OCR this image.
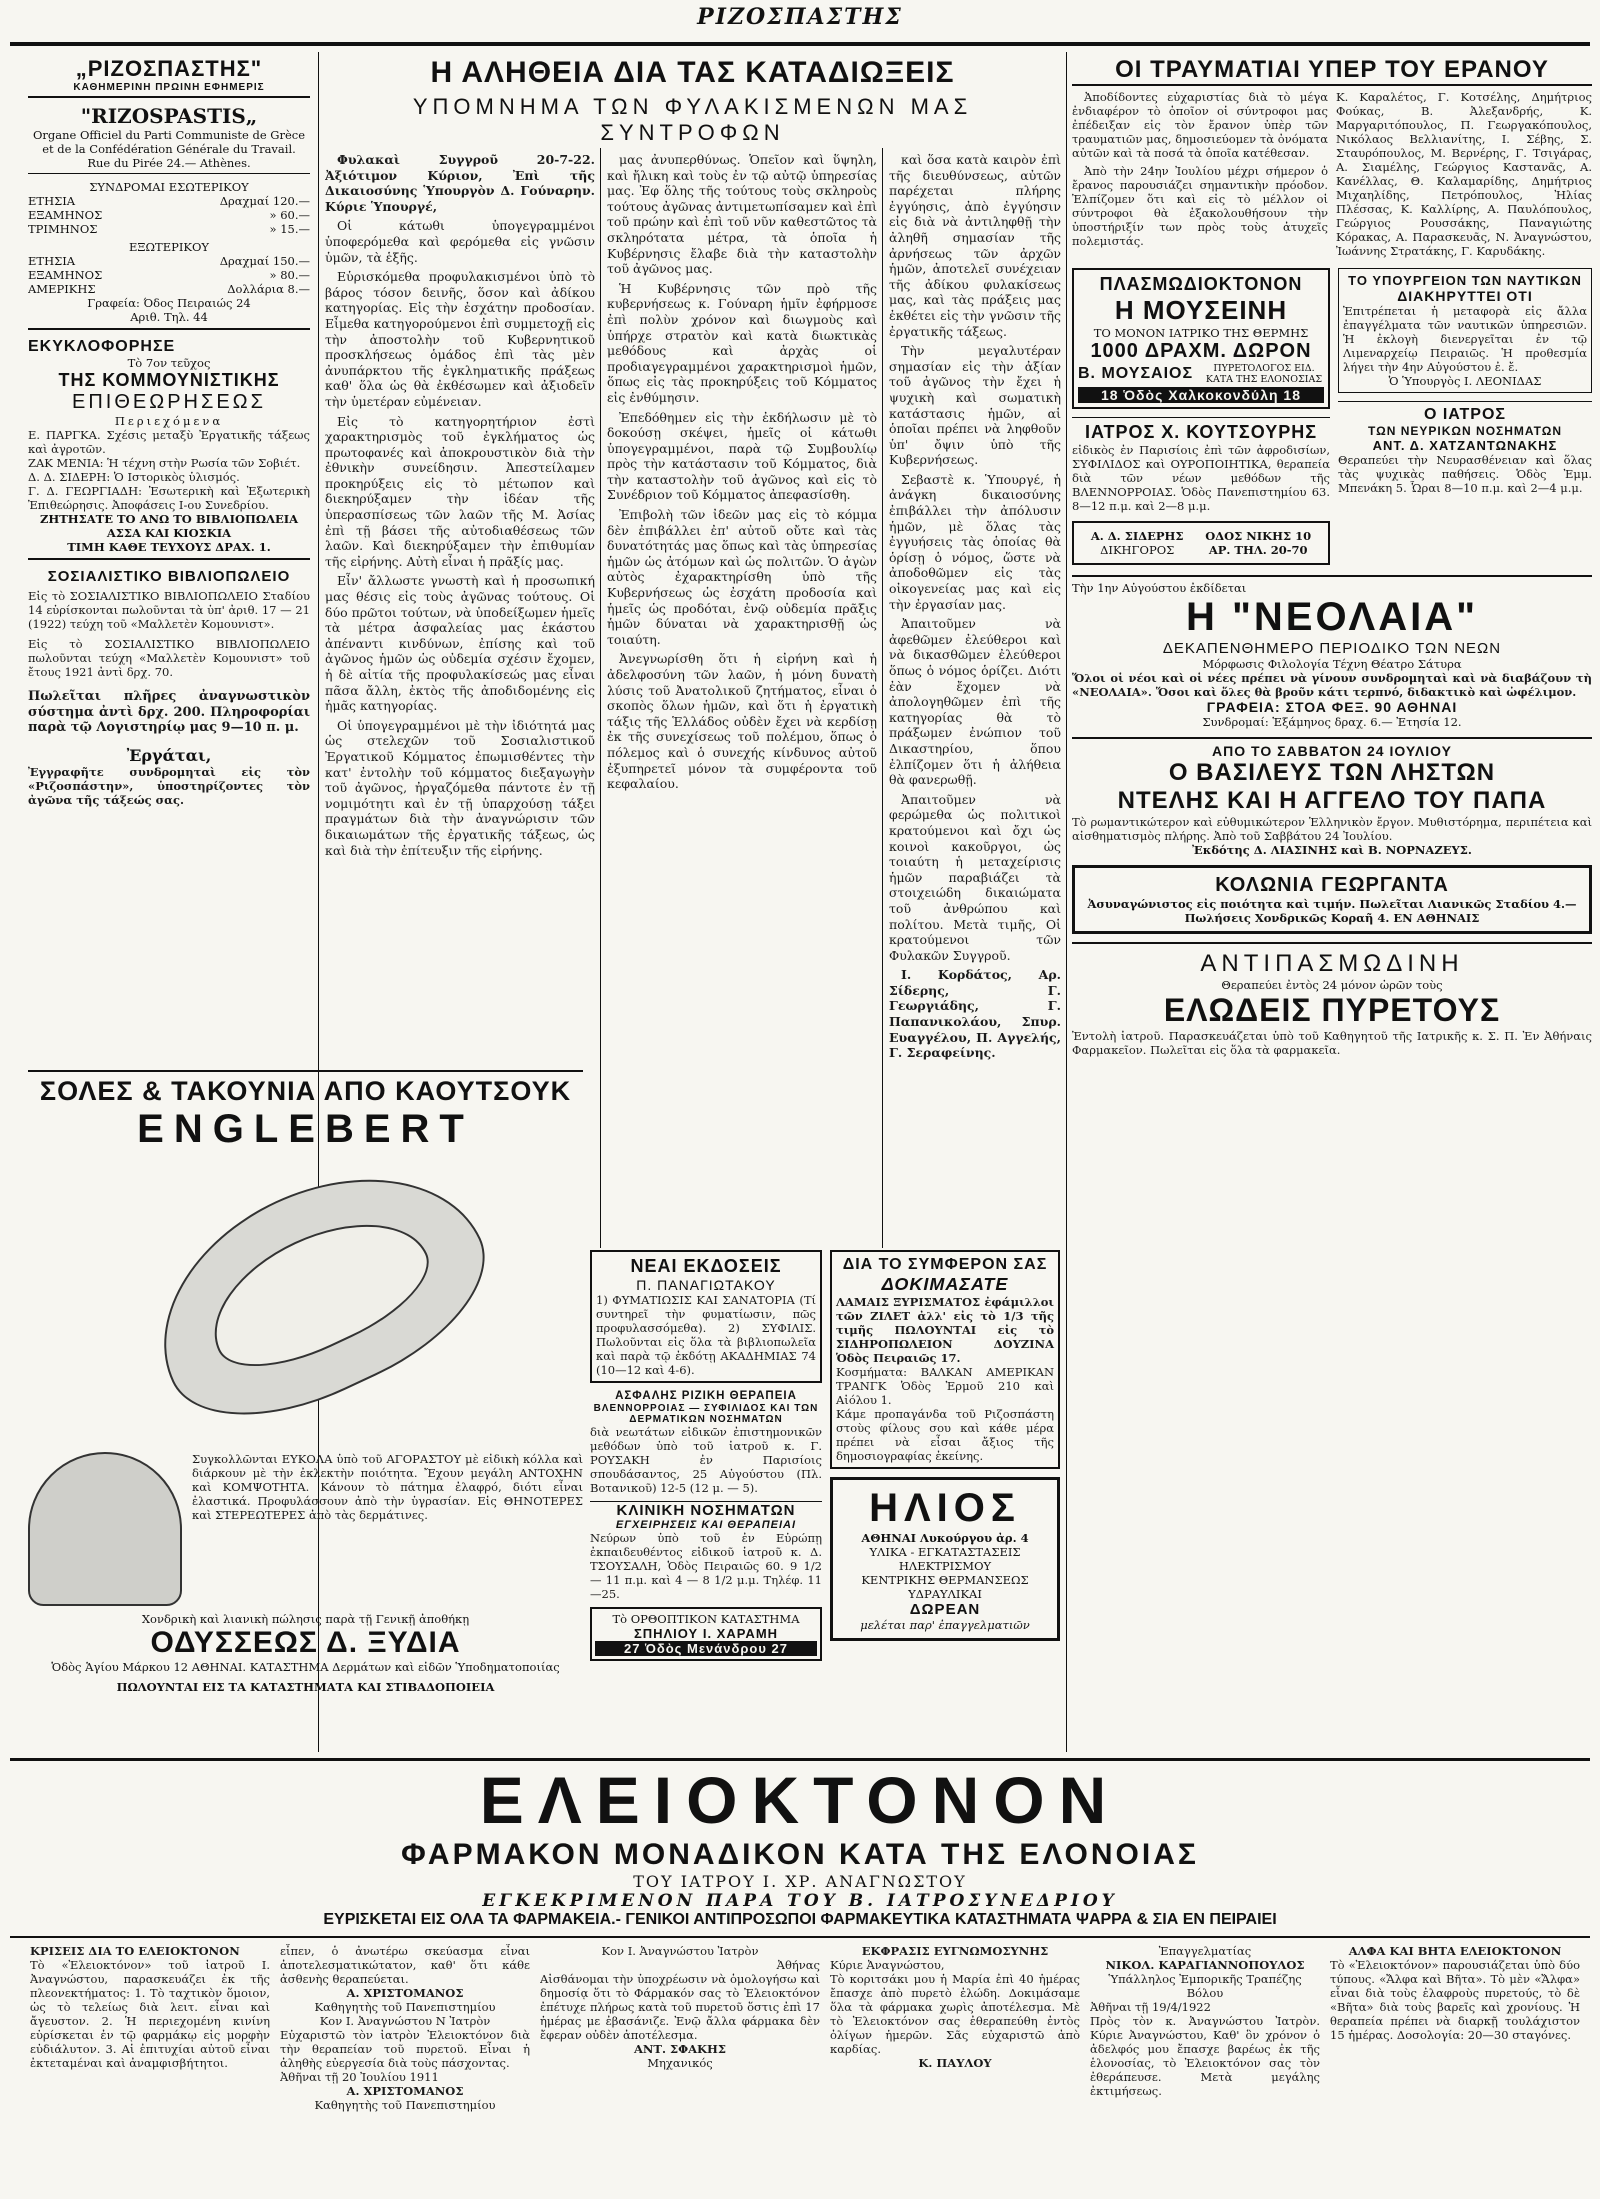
ΡΙΖΟΣΠΑΣΤΗΣ
„ΡΙΖΟΣΠΑΣΤΗΣ"
ΚΑΘΗΜΕΡΙΝΗ ΠΡΩΙΝΗ ΕΦΗΜΕΡΙΣ
"RIZOSPASTIS„
Organe Officiel du Parti Communiste de Grèce et de la Confédération Générale du Travail.
Rue du Pirée 24.— Athènes.
ΣΥΝΔΡΟΜΑΙ ΕΣΩΤΕΡΙΚΟΥ
ΕΤΗΣΙΑ	Δραχμαί 120.—
ΕΞΑΜΗΝΟΣ	» 60.—
ΤΡΙΜΗΝΟΣ	» 15.—
ΕΞΩΤΕΡΙΚΟΥ
ΕΤΗΣΙΑ	Δραχμαί 150.—
ΕΞΑΜΗΝΟΣ	» 80.—
ΑΜΕΡΙΚΗΣ	Δολλάρια 8.—
Γραφεία: Όδος Πειραιώς 24
Αριθ. Τηλ. 44
ΕΚΥΚΛΟΦΟΡΗΣΕ
Τὸ 7ον τεῦχος
ΤΗΣ ΚΟΜΜΟΥΝΙΣΤΙΚΗΣ
ΕΠΙΘΕΩΡΗΣΕΩΣ
Περιεχόμενα
Ε. ΠΑΡΓΚΑ. Σχέσις μεταξὺ Ἐργατικῆς τάξεως καὶ ἀγροτῶν.
ΖΑΚ ΜΕΝΙΑ: Ἡ τέχνη στὴν Ρωσία τῶν Σοβιέτ.
Δ. Δ. ΣΙΔΕΡΗ: Ὁ Ιστορικὸς ὑλισμός.
Γ. Δ. ΓΕΩΡΓΙΑΔΗ: Ἐσωτερικὴ καὶ Ἐξωτερικὴ Ἐπιθεώρησις. Ἀποφάσεις Ι-ου Συνεδρίου.
ΖΗΤΗΣΑΤΕ ΤΟ ΑΝΩ ΤΟ ΒΙΒΛΙΟΠΩΛΕΙΑ ΑΣΣΑ ΚΑΙ ΚΙΟΣΚΙΑ
ΤΙΜΗ ΚΑΘΕ ΤΕΥΧΟΥΣ ΔΡΑΧ. 1.
ΣΟΣΙΑΛΙΣΤΙΚΟ ΒΙΒΛΙΟΠΩΛΕΙΟ
Εἰς τὸ ΣΟΣΙΑΛΙΣΤΙΚΟ ΒΙΒΛΙΟΠΩΛΕΙΟ Σταδίου 14 εὑρίσκονται πωλοῦνται τὰ ὑπ' ἀριθ. 17 — 21 (1922) τεύχη τοῦ «Μαλλετὲν Κομουνιστ».
Εἰς τὸ ΣΟΣΙΑΛΙΣΤΙΚΟ ΒΙΒΛΙΟΠΩΛΕΙΟ πωλοῦνται τεύχη «Μαλλετὲν Κομουνιστ» τοῦ ἔτους 1921 ἀντὶ δρχ. 70.
Πωλεῖται πλῆρες ἀναγνωστικὸν σύστημα ἀντὶ δρχ. 200. Πληροφορίαι παρὰ τῷ Λογιστηρίῳ μας 9—10 π. μ.
Ἐργάται,
Ἐγγραφῆτε συνδρομηταὶ εἰς τὸν «Ριζοσπάστην», ὑποστηρίζοντες τὸν ἀγῶνα τῆς τάξεώς σας.
Η ΑΛΗΘΕΙΑ ΔΙΑ ΤΑΣ ΚΑΤΑΔΙΩΞΕΙΣ
ΥΠΟΜΝΗΜΑ ΤΩΝ ΦΥΛΑΚΙΣΜΕΝΩΝ ΜΑΣ ΣΥΝΤΡΟΦΩΝ

Φυλακαὶ Συγγροῦ 20-7-22. Ἀξιότιμον Κύριον, Ἐπὶ τῆς Δικαιοσύνης Ὑπουργὸν Δ. Γούναρην. Κύριε Ὑπουργέ,

Οἱ κάτωθι ὑπογεγραμμένοι ὑποφερόμεθα καὶ φερόμεθα εἰς γνῶσιν ὑμῶν, τὰ ἑξῆς.

Εὑρισκόμεθα προφυλακισμένοι ὑπὸ τὸ βάρος τόσον δεινῆς, ὅσον καὶ ἀδίκου κατηγορίας. Εἰς τὴν ἐσχάτην προδοσίαν. Εἶμεθα κατηγορούμενοι ἐπὶ συμμετοχῇ εἰς τὴν ἀποστολὴν τοῦ Κυβερνητικοῦ προσκλήσεως ὁμάδος ἐπὶ τὰς μὲν ἀνυπάρκτου τῆς ἐγκληματικῆς πράξεως καθ' ὅλα ὡς θὰ ἐκθέσωμεν καὶ ἀξιοδεῖν τὴν ὑμετέραν εὐμένειαν.

Εἰς τὸ κατηγορητήριον ἐστὶ χαρακτηρισμὸς τοῦ ἐγκλήματος ὡς πρωτοφανές καὶ ἀποκρουστικὸν διὰ τὴν ἐθνικὴν συνείδησιν. Ἀπεστείλαμεν προκηρύξεις εἰς τὸ μέτωπον καὶ διεκηρύξαμεν τὴν ἰδέαν τῆς ὑπερασπίσεως τῶν λαῶν τῆς Μ. Ἀσίας ἐπὶ τῇ βάσει τῆς αὐτοδιαθέσεως τῶν λαῶν. Καὶ διεκηρύξαμεν τὴν ἐπιθυμίαν τῆς εἰρήνης. Αὐτὴ εἶναι ἡ πρᾶξίς μας.

Εἶν' ἄλλωστε γνωστὴ καὶ ἡ προσωπική μας θέσις εἰς τοὺς ἀγῶνας τούτους. Οἱ δύο πρῶτοι τούτων, νὰ ὑποδείξωμεν ἡμεῖς τὰ μέτρα ἀσφαλείας μας ἑκάστου ἀπέναντι κινδύνων, ἐπίσης καὶ τοῦ ἀγῶνος ἡμῶν ὡς οὐδεμία σχέσιν ἔχομεν, ἡ δὲ αἰτία τῆς προφυλακίσεώς μας εἶναι πᾶσα ἄλλη, ἐκτὸς τῆς ἀποδιδομένης εἰς ἡμᾶς κατηγορίας.

Οἱ ὑπογεγραμμένοι μὲ τὴν ἰδιότητά μας ὡς στελεχῶν τοῦ Σοσιαλιστικοῦ Ἐργατικοῦ Κόμματος ἐπωμισθέντες τὴν κατ' ἐντολὴν τοῦ κόμματος διεξαγωγὴν τοῦ ἀγῶνος, ἠργαζόμεθα πάντοτε ἐν τῇ νομιμότητι καὶ ἐν τῇ ὑπαρχούσῃ τάξει πραγμάτων διὰ τὴν ἀναγνώρισιν τῶν δικαιωμάτων τῆς ἐργατικῆς τάξεως, ὡς καὶ διὰ τὴν ἐπίτευξιν τῆς εἰρήνης.

μας ἀνυπερθύνως. Ὁπεῖον καὶ ὕψηλη, καὶ ἤλικη καὶ τοὺς ἐν τῷ αὐτῷ ὑπηρεσίας μας. Ἐφ ὅλης τῆς τούτους τοὺς σκληροὺς τούτους ἀγῶνας ἀντιμετωπίσαμεν καὶ ἐπὶ τοῦ πρώην καὶ ἐπὶ τοῦ νῦν καθεστῶτος τὰ σκληρότατα μέτρα, τὰ ὁποῖα ἡ Κυβέρνησις ἔλαβε διὰ τὴν καταστολὴν τοῦ ἀγῶνος μας.

Ἡ Κυβέρνησις τῶν πρὸ τῆς κυβερνήσεως κ. Γούναρη ἡμῖν ἐφήρμοσε ἐπὶ πολὺν χρόνον καὶ διωγμοὺς καὶ ὑπήρχε στρατὸν καὶ κατὰ διωκτικὰς μεθόδους καὶ ἀρχὰς οἱ προδιαγεγραμμένοι χαρακτηρισμοὶ ἡμῶν, ὅπως εἰς τὰς προκηρύξεις τοῦ Κόμματος εἰς ἐνθύμησιν.

Ἐπεδόθημεν εἰς τὴν ἐκδήλωσιν μὲ τὸ δοκούσῃ σκέψει, ἡμεῖς οἱ κάτωθι ὑπογεγραμμένοι, παρὰ τῷ Συμβουλίῳ πρὸς τὴν κατάστασιν τοῦ Κόμματος, διὰ τὴν καταστολὴν τοῦ ἀγῶνος καὶ εἰς τὸ Συνέδριον τοῦ Κόμματος ἀπεφασίσθη.

Ἐπιβολὴ τῶν ἰδεῶν μας εἰς τὸ κόμμα δὲν ἐπιβάλλει ἐπ' αὐτοῦ οὔτε καὶ τὰς δυνατότητάς μας ὅπως καὶ τὰς ὑπηρεσίας ἡμῶν ὡς ἀτόμων καὶ ὡς πολιτῶν. Ὁ ἀγὼν αὐτὸς ἐχαρακτηρίσθη ὑπὸ τῆς Κυβερνήσεως ὡς ἐσχάτη προδοσία καὶ ἡμεῖς ὡς προδόται, ἐνῷ οὐδεμία πρᾶξις ἡμῶν δύναται νὰ χαρακτηρισθῇ ὡς τοιαύτη.

Ἀνεγνωρίσθη ὅτι ἡ εἰρήνη καὶ ἡ ἀδελφοσύνη τῶν λαῶν, ἡ μόνη δυνατὴ λύσις τοῦ Ἀνατολικοῦ ζητήματος, εἶναι ὁ σκοπὸς ὅλων ἡμῶν, καὶ ὅτι ἡ ἐργατικὴ τάξις τῆς Ἑλλάδος οὐδὲν ἔχει νὰ κερδίσῃ ἐκ τῆς συνεχίσεως τοῦ πολέμου, ὅπως ὁ πόλεμος καὶ ὁ συνεχής κίνδυνος αὐτοῦ ἐξυπηρετεῖ μόνον τὰ συμφέροντα τοῦ κεφαλαίου.

καὶ ὅσα κατὰ καιρὸν ἐπὶ τῆς διευθύνσεως, αὐτῶν παρέχεται πλήρης ἐγγύησις, ἀπὸ ἐγγύησιν εἰς διὰ νὰ ἀντιληφθῇ τὴν ἀληθῆ σημασίαν τῆς ἀρνήσεως τῶν ἀρχῶν ἡμῶν, ἀποτελεῖ συνέχειαν τῆς ἀδίκου φυλακίσεως μας, καὶ τὰς πράξεις μας ἐκθέτει εἰς τὴν γνῶσιν τῆς ἐργατικῆς τάξεως.

Τὴν μεγαλυτέραν σημασίαν εἰς τὴν ἀξίαν τοῦ ἀγῶνος τὴν ἔχει ἡ ψυχικὴ καὶ σωματικὴ κατάστασις ἡμῶν, αἱ ὁποῖαι πρέπει νὰ ληφθοῦν ὑπ' ὄψιν ὑπὸ τῆς Κυβερνήσεως.

Σεβαστὲ κ. Ὑπουργέ, ἡ ἀνάγκη δικαιοσύνης ἐπιβάλλει τὴν ἀπόλυσιν ἡμῶν, μὲ ὅλας τὰς ἐγγυήσεις τὰς ὁποίας θὰ ὁρίσῃ ὁ νόμος, ὥστε νὰ ἀποδοθῶμεν εἰς τὰς οἰκογενείας μας καὶ εἰς τὴν ἐργασίαν μας.

Ἀπαιτοῦμεν νὰ ἀφεθῶμεν ἐλεύθεροι καὶ νὰ δικασθῶμεν ἐλεύθεροι ὅπως ὁ νόμος ὁρίζει. Διότι ἐὰν ἔχομεν νὰ ἀπολογηθῶμεν ἐπὶ τῆς κατηγορίας θὰ τὸ πράξωμεν ἐνώπιον τοῦ Δικαστηρίου, ὅπου ἐλπίζομεν ὅτι ἡ ἀλήθεια θὰ φανερωθῇ.

Ἀπαιτοῦμεν νὰ φερώμεθα ὡς πολιτικοὶ κρατούμενοι καὶ ὄχι ὡς κοινοὶ κακοῦργοι, ὡς τοιαύτη ἡ μεταχείρισις ἡμῶν παραβιάζει τὰ στοιχειώδη δικαιώματα τοῦ ἀνθρώπου καὶ πολίτου. Μετὰ τιμῆς, Οἱ κρατούμενοι τῶν Φυλακῶν Συγγροῦ.

I. Κορδάτος, Αρ. Σίδερης, Γ. Γεωργιάδης, Γ. Παπανικολάου, Σπυρ. Ευαγγέλου, Π. Αγγελής, Γ. Σεραφείνης.

ΟΙ ΤΡΑΥΜΑΤΙΑΙ ΥΠΕΡ ΤΟΥ ΕΡΑΝΟΥ

Ἀποδίδοντες εὐχαριστίας διὰ τὸ μέγα ἐνδιαφέρον τὸ ὁποῖον οἱ σύντροφοι μας ἐπέδειξαν εἰς τὸν ἔρανον ὑπὲρ τῶν τραυματιῶν μας, δημοσιεύομεν τὰ ὀνόματα αὐτῶν καὶ τὰ ποσά τὰ ὁποῖα κατέθεσαν.

Ἀπὸ τὴν 24ην Ἰουλίου μέχρι σήμερον ὁ ἔρανος παρουσιάζει σημαντικὴν πρόοδον. Ἐλπίζομεν ὅτι καὶ εἰς τὸ μέλλον οἱ σύντροφοι θὰ ἐξακολουθήσουν τὴν ὑποστήριξίν των πρὸς τοὺς ἀτυχεῖς πολεμιστάς.

Κ. Καραλέτος, Γ. Κοτσέλης, Δημήτριος Φούκας, Β. Ἀλεξανδρής, Κ. Μαργαριτόπουλος, Π. Γεωργακόπουλος, Νικόλαος Βελλιανίτης, Ι. Σέβης, Σ. Σταυρόπουλος, Μ. Βερνέρης, Γ. Τσιγάρας, Α. Σιαμέλης, Γεώργιος Καστανᾶς, Α. Κανέλλας, Θ. Καλαμαρίδης, Δημήτριος Μιχαηλίδης, Πετρόπουλος, Ἠλίας Πλέσσας, Κ. Καλλίρης, Α. Παυλόπουλος, Γεώργιος Ρουσσάκης, Παναγιώτης Κόρακας, Α. Παρασκευᾶς, Ν. Ἀναγνώστου, Ἰωάννης Στρατάκης, Γ. Καρυδάκης.
ΠΛΑΣΜΩΔΙΟΚΤΟΝΟΝ
Η ΜΟΥΣΕΙΝΗ
ΤΟ ΜΟΝΟΝ ΙΑΤΡΙΚΟ ΤΗΣ ΘΕΡΜΗΣ
1000 ΔΡΑΧΜ. ΔΩΡΟΝ
Β. ΜΟΥΣΑΙΟΣ	ΠΥΡΕΤΟΛΟΓΟΣ ΕΙΔ. ΚΑΤΑ ΤΗΣ ΕΛΟΝΟΣΙΑΣ
18 Ὁδὸς Χαλκοκονδύλη 18
ΙΑΤΡΟΣ Χ. ΚΟΥΤΣΟΥΡΗΣ
εἰδικὸς ἐν Παρισίοις ἐπὶ τῶν ἀφροδισίων, ΣΥΦΙΛΙΔΟΣ καὶ ΟΥΡΟΠΟΙΗΤΙΚΑ, θεραπεία διὰ τῶν νέων μεθόδων τῆς ΒΛΕΝΝΟΡΡΟΙΑΣ. Ὁδὸς Πανεπιστημίου 63. 8—12 π.μ. καὶ 2—8 μ.μ.
Α. Δ. ΣΙΔΕΡΗΣ
ΔΙΚΗΓΟΡΟΣ
ΟΔΟΣ ΝΙΚΗΣ 10
ΑΡ. ΤΗΛ. 20-70
ΤΟ ΥΠΟΥΡΓΕΙΟΝ ΤΩΝ ΝΑΥΤΙΚΩΝ
ΔΙΑΚΗΡΥΤΤΕΙ ΟΤΙ
Ἐπιτρέπεται ἡ μεταφορὰ εἰς ἄλλα ἐπαγγέλματα τῶν ναυτικῶν ὑπηρεσιῶν. Ἡ ἐκλογὴ διενεργεῖται ἐν τῷ Λιμεναρχείῳ Πειραιῶς. Ἡ προθεσμία λήγει τὴν 4ην Αὐγούστου ἐ. ἔ.
Ὁ Ὑπουργὸς Ι. ΛΕΟΝΙΔΑΣ
Ο ΙΑΤΡΟΣ
ΤΩΝ ΝΕΥΡΙΚΩΝ ΝΟΣΗΜΑΤΩΝ
ΑΝΤ. Δ. ΧΑΤΖΑΝΤΩΝΑΚΗΣ
Θεραπεύει τὴν Νευρασθένειαν καὶ ὅλας τὰς ψυχικὰς παθήσεις. Ὁδὸς Ἐμμ. Μπενάκη 5. Ὧραι 8—10 π.μ. καὶ 2—4 μ.μ.
Τὴν 1ην Αὐγούστου ἐκδίδεται
Η "ΝΕΟΛΑΙΑ"
ΔΕΚΑΠΕΝΘΗΜΕΡΟ ΠΕΡΙΟΔΙΚΟ ΤΩΝ ΝΕΩΝ
Μόρφωσις Φιλολογία Τέχνη Θέατρο Σάτυρα
Ὅλοι οἱ νέοι καὶ οἱ νέες πρέπει νὰ γίνουν συνδρομηταὶ καὶ νὰ διαβάζουν τὴ «ΝΕΟΛΑΙΑ». Ὅσοι καὶ ὅλες θὰ βροῦν κάτι τερπνό, διδακτικὸ καὶ ὠφέλιμον.
ΓΡΑΦΕΙΑ: ΣΤΟΑ ΦΕΞ. 90 ΑΘΗΝΑΙ
Συνδρομαί: Ἑξάμηνος δραχ. 6.— Ἐτησία 12.
ΑΠΟ ΤΟ ΣΑΒΒΑΤΟΝ 24 ΙΟΥΛΙΟΥ
Ο ΒΑΣΙΛΕΥΣ ΤΩΝ ΛΗΣΤΩΝ
ΝΤΕΛΗΣ ΚΑΙ Η ΑΓΓΕΛΟ ΤΟΥ ΠΑΠΑ
Τὸ ρωμαντικώτερον καὶ εὐθυμικώτερον Ἑλληνικὸν ἔργον. Μυθιστόρημα, περιπέτεια καὶ αἰσθηματισμὸς πλήρης. Ἀπὸ τοῦ Σαββάτου 24 Ἰουλίου.
Ἐκδότης Δ. ΛΙΑΣΙΝΗΣ καὶ Β. ΝΟΡΝΑΖΕΥΣ.
ΚΟΛΩΝΙΑ ΓΕΩΡΓΑΝΤΑ
Ἀσυναγώνιστος εἰς ποιότητα καὶ τιμήν. Πωλεῖται Λιανικῶς Σταδίου 4.— Πωλήσεις Χονδρικῶς Κοραῆ 4. ΕΝ ΑΘΗΝΑΙΣ
ΑΝΤΙΠΑΣΜΩΔΙΝΗ
Θεραπεύει ἐντὸς 24 μόνον ὡρῶν τοὺς
ΕΛΩΔΕΙΣ ΠΥΡΕΤΟΥΣ
Ἐντολὴ ἰατροῦ. Παρασκευάζεται ὑπὸ τοῦ Καθηγητοῦ τῆς Ιατρικῆς κ. Σ. Π. Ἐν Ἀθήναις Φαρμακεῖον. Πωλεῖται εἰς ὅλα τὰ φαρμακεῖα.
ΣΟΛΕΣ & ΤΑΚΟΥΝΙΑ ΑΠΟ ΚΑΟΥΤΣΟΥΚ
ENGLEBERT
Συγκολλῶνται ΕΥΚΟΛΑ ὑπὸ τοῦ ΑΓΟΡΑΣΤΟΥ μὲ εἰδικὴ κόλλα καὶ διάρκουν μὲ τὴν ἐκλεκτὴν ποιότητα. Ἔχουν μεγάλη ΑΝΤΟΧΗΝ καὶ ΚΟΜΨΟΤΗΤΑ. Κάνουν τὸ πάτημα ἐλαφρό, διότι εἶναι ἐλαστικά. Προφυλάσσουν ἀπὸ τὴν ὑγρασίαν. Εἰς ΘΗΝΟΤΕΡΕΣ καὶ ΣΤΕΡΕΩΤΕΡΕΣ ἀπὸ τὰς δερμάτινες.
Χονδρικὴ καὶ λιανικὴ πώλησις παρὰ τῇ Γενικῇ ἀποθήκῃ
ΟΔΥΣΣΕΩΣ Δ. ΞΥΔΙΑ
Ὁδὸς Ἁγίου Μάρκου 12 ΑΘΗΝΑΙ. ΚΑΤΑΣΤΗΜΑ Δερμάτων καὶ εἰδῶν Ὑποδηματοποιίας
ΠΩΛΟΥΝΤΑΙ ΕΙΣ ΤΑ ΚΑΤΑΣΤΗΜΑΤΑ ΚΑΙ ΣΤΙΒΑΔΟΠΟΙΕΙΑ
ΝΕΑΙ ΕΚΔΟΣΕΙΣ
Π. ΠΑΝΑΓΙΩΤΑΚΟΥ
1) ΦΥΜΑΤΙΩΣΙΣ ΚΑΙ ΣΑΝΑΤΟΡΙΑ (Τί συντηρεῖ τὴν φυματίωσιν, πῶς προφυλασσόμεθα). 2) ΣΥΦΙΛΙΣ. Πωλοῦνται εἰς ὅλα τὰ βιβλιοπωλεῖα καὶ παρὰ τῷ ἐκδότῃ ΑΚΑΔΗΜΙΑΣ 74 (10—12 καὶ 4-6).
ΑΣΦΑΛΗΣ ΡΙΖΙΚΗ ΘΕΡΑΠΕΙΑ
ΒΛΕΝΝΟΡΡΟΙΑΣ — ΣΥΦΙΛΙΔΟΣ ΚΑΙ ΤΩΝ ΔΕΡΜΑΤΙΚΩΝ ΝΟΣΗΜΑΤΩΝ
διὰ νεωτάτων εἰδικῶν ἐπιστημονικῶν μεθόδων ὑπὸ τοῦ ἰατροῦ κ. Γ. ΡΟΥΣΑΚΗ ἐν Παρισίοις σπουδάσαντος, 25 Αὐγούστου (Πλ. Βοτανικοῦ) 12-5 (12 μ. — 5).
ΚΛΙΝΙΚΗ ΝΟΣΗΜΑΤΩΝ
ΕΓΧΕΙΡΗΣΕΙΣ ΚΑΙ ΘΕΡΑΠΕΙΑΙ
Νεύρων ὑπὸ τοῦ ἐν Εὐρώπῃ ἐκπαιδευθέντος εἰδικοῦ ἰατροῦ κ. Δ. ΤΣΟΥΣΑΛΗ, Ὁδὸς Πειραιῶς 60. 9 1/2 — 11 π.μ. καὶ 4 — 8 1/2 μ.μ. Τηλέφ. 11—25.
Τὸ ΟΡΘΟΠΤΙΚΟΝ ΚΑΤΑΣΤΗΜΑ
ΣΠΗΛΙΟΥ Ι. ΧΑΡΑΜΗ
27 Ὁδὸς Μενάνδρου 27
ΔΙΑ ΤΟ ΣΥΜΦΕΡΟΝ ΣΑΣ
ΔΟΚΙΜΑΣΑΤΕ
ΛΑΜΑΙΣ ΞΥΡΙΣΜΑΤΟΣ ἐφάμιλλοι τῶν ΖΙΛΕΤ ἀλλ' εἰς τὸ 1/3 τῆς τιμῆς ΠΩΛΟΥΝΤΑΙ εἰς τὸ ΣΙΔΗΡΟΠΩΛΕΙΟΝ ΔΟΥΖΙΝΑ Ὁδὸς Πειραιῶς 17.
Κοσμήματα: ΒΑΛΚΑΝ ΑΜΕΡΙΚΑΝ ΤΡΑΝΓΚ Ὁδὸς Ἑρμοῦ 210 καὶ Αἰόλου 1.
Κάμε προπαγάνδα τοῦ Ριζοσπάστη στοὺς φίλους σου καὶ κάθε μέρα πρέπει νὰ εἶσαι ἄξιος τῆς δημοσιογραφίας ἐκείνης.
ΗΛΙΟΣ
ΑΘΗΝΑΙ Λυκούργου ἀρ. 4
ΥΛΙΚΑ - ΕΓΚΑΤΑΣΤΑΣΕΙΣ
ΗΛΕΚΤΡΙΣΜΟΥ
ΚΕΝΤΡΙΚΗΣ ΘΕΡΜΑΝΣΕΩΣ
ΥΔΡΑΥΛΙΚΑΙ
ΔΩΡΕΑΝ
μελέται παρ' ἐπαγγελματιῶν
ΕΛΕΙΟΚΤΟΝΟΝ
ΦΑΡΜΑΚΟΝ ΜΟΝΑΔΙΚΟΝ ΚΑΤΑ ΤΗΣ ΕΛΟΝΟΙΑΣ
ΤΟΥ ΙΑΤΡΟΥ Ι. ΧΡ. ΑΝΑΓΝΩΣΤΟΥ
ΕΓΚΕΚΡΙΜΕΝΟΝ ΠΑΡΑ ΤΟΥ Β. ΙΑΤΡΟΣΥΝΕΔΡΙΟΥ
ΕΥΡΙΣΚΕΤΑΙ ΕΙΣ ΟΛΑ ΤΑ ΦΑΡΜΑΚΕΙΑ.- ΓΕΝΙΚΟΙ ΑΝΤΙΠΡΟΣΩΠΟΙ ΦΑΡΜΑΚΕΥΤΙΚΑ ΚΑΤΑΣΤΗΜΑΤΑ ΨΑΡΡΑ & ΣΙΑ ΕΝ ΠΕΙΡΑΙΕΙ
ΚΡΙΣΕΙΣ ΔΙΑ ΤΟ ΕΛΕΙΟΚΤΟΝΟΝ
Τὸ «Ἐλειοκτόνον» τοῦ ἰατροῦ Ι. Ἀναγνώστου, παρασκευάζει ἐκ τῆς πλεονεκτήματος: 1. Τὸ ταχτικὸν ὅμοιον, ὡς τὸ τελείως διὰ λειτ. εἶναι καὶ ἄγευστον. 2. Ἡ περιεχομένη κινίνη εὑρίσκεται ἐν τῷ φαρμάκῳ εἰς μορφὴν εὐδιάλυτον. 3. Αἱ ἐπιτυχίαι αὐτοῦ εἶναι ἐκτεταμέναι καὶ ἀναμφισβήτητοι.
εἶπεν, ὁ ἀνωτέρω σκεύασμα εἶναι ἀποτελεσματικώτατον, καθ' ὅτι κάθε ἀσθενὴς θεραπεύεται.
Α. ΧΡΙΣΤΟΜΑΝΟΣ
Καθηγητὴς τοῦ Πανεπιστημίου
Κον Ι. Ἀναγνώστου Ν Ἰατρὸν
Εὐχαριστῶ τὸν ἰατρὸν Ἐλειοκτόνον διὰ τὴν θεραπείαν τοῦ πυρετοῦ. Εἶναι ἡ ἀληθὴς εὐεργεσία διὰ τοὺς πάσχοντας.
Ἀθῆναι τῇ 20 Ἰουλίου 1911
Α. ΧΡΙΣΤΟΜΑΝΟΣ
Καθηγητὴς τοῦ Πανεπιστημίου
Κον Ι. Ἀναγνώστου Ἰατρὸν
Ἀθήνας
Αἰσθάνομαι τὴν ὑποχρέωσιν νὰ ὁμολογήσω καὶ δημοσίᾳ ὅτι τὸ Φάρμακόν σας τὸ Ἐλειοκτόνον ἐπέτυχε πλήρως κατὰ τοῦ πυρετοῦ ὅστις ἐπὶ 17 ἡμέρας με ἐβασάνιζε. Ἐνῷ ἄλλα φάρμακα δὲν ἔφεραν οὐδὲν ἀποτέλεσμα.
ΑΝΤ. ΣΦΑΚΗΣ
Μηχανικός
ΕΚΦΡΑΣΙΣ ΕΥΓΝΩΜΟΣΥΝΗΣ
Κύριε Ἀναγνώστου,
Τὸ κοριτσάκι μου ἡ Μαρία ἐπὶ 40 ἡμέρας ἔπασχε ἀπὸ πυρετὸ ἐλώδη. Δοκιμάσαμε ὅλα τὰ φάρμακα χωρὶς ἀποτέλεσμα. Μὲ τὸ Ἐλειοκτόνον σας ἐθεραπεύθη ἐντὸς ὀλίγων ἡμερῶν. Σᾶς εὐχαριστῶ ἀπὸ καρδίας.
Κ. ΠΑΥΛΟΥ
Ἐπαγγελματίας
ΝΙΚΟΛ. ΚΑΡΑΓΙΑΝΝΟΠΟΥΛΟΣ
Ὑπάλληλος Ἐμπορικῆς Τραπέζης Βόλου
Ἀθῆναι τῇ 19/4/1922
Πρὸς τὸν κ. Ἀναγνώστου Ἰατρὸν. Κύριε Ἀναγνώστου, Καθ' ὃν χρόνον ὁ ἀδελφός μου ἔπασχε βαρέως ἐκ τῆς ἑλονοσίας, τὸ Ἐλειοκτόνον σας τὸν ἐθεράπευσε. Μετὰ μεγάλης ἐκτιμήσεως.
ΑΛΦΑ ΚΑΙ ΒΗΤΑ ΕΛΕΙΟΚΤΟΝΟΝ
Τὸ «Ἐλειοκτόνον» παρουσιάζεται ὑπὸ δύο τύπους. «Ἄλφα καὶ Βῆτα». Τὸ μὲν «Ἄλφα» εἶναι διὰ τοὺς ἐλαφροὺς πυρετούς, τὸ δὲ «Βῆτα» διὰ τοὺς βαρεῖς καὶ χρονίους. Ἡ θεραπεία πρέπει νὰ διαρκῇ τουλάχιστον 15 ἡμέρας. Δοσολογία: 20—30 σταγόνες.
